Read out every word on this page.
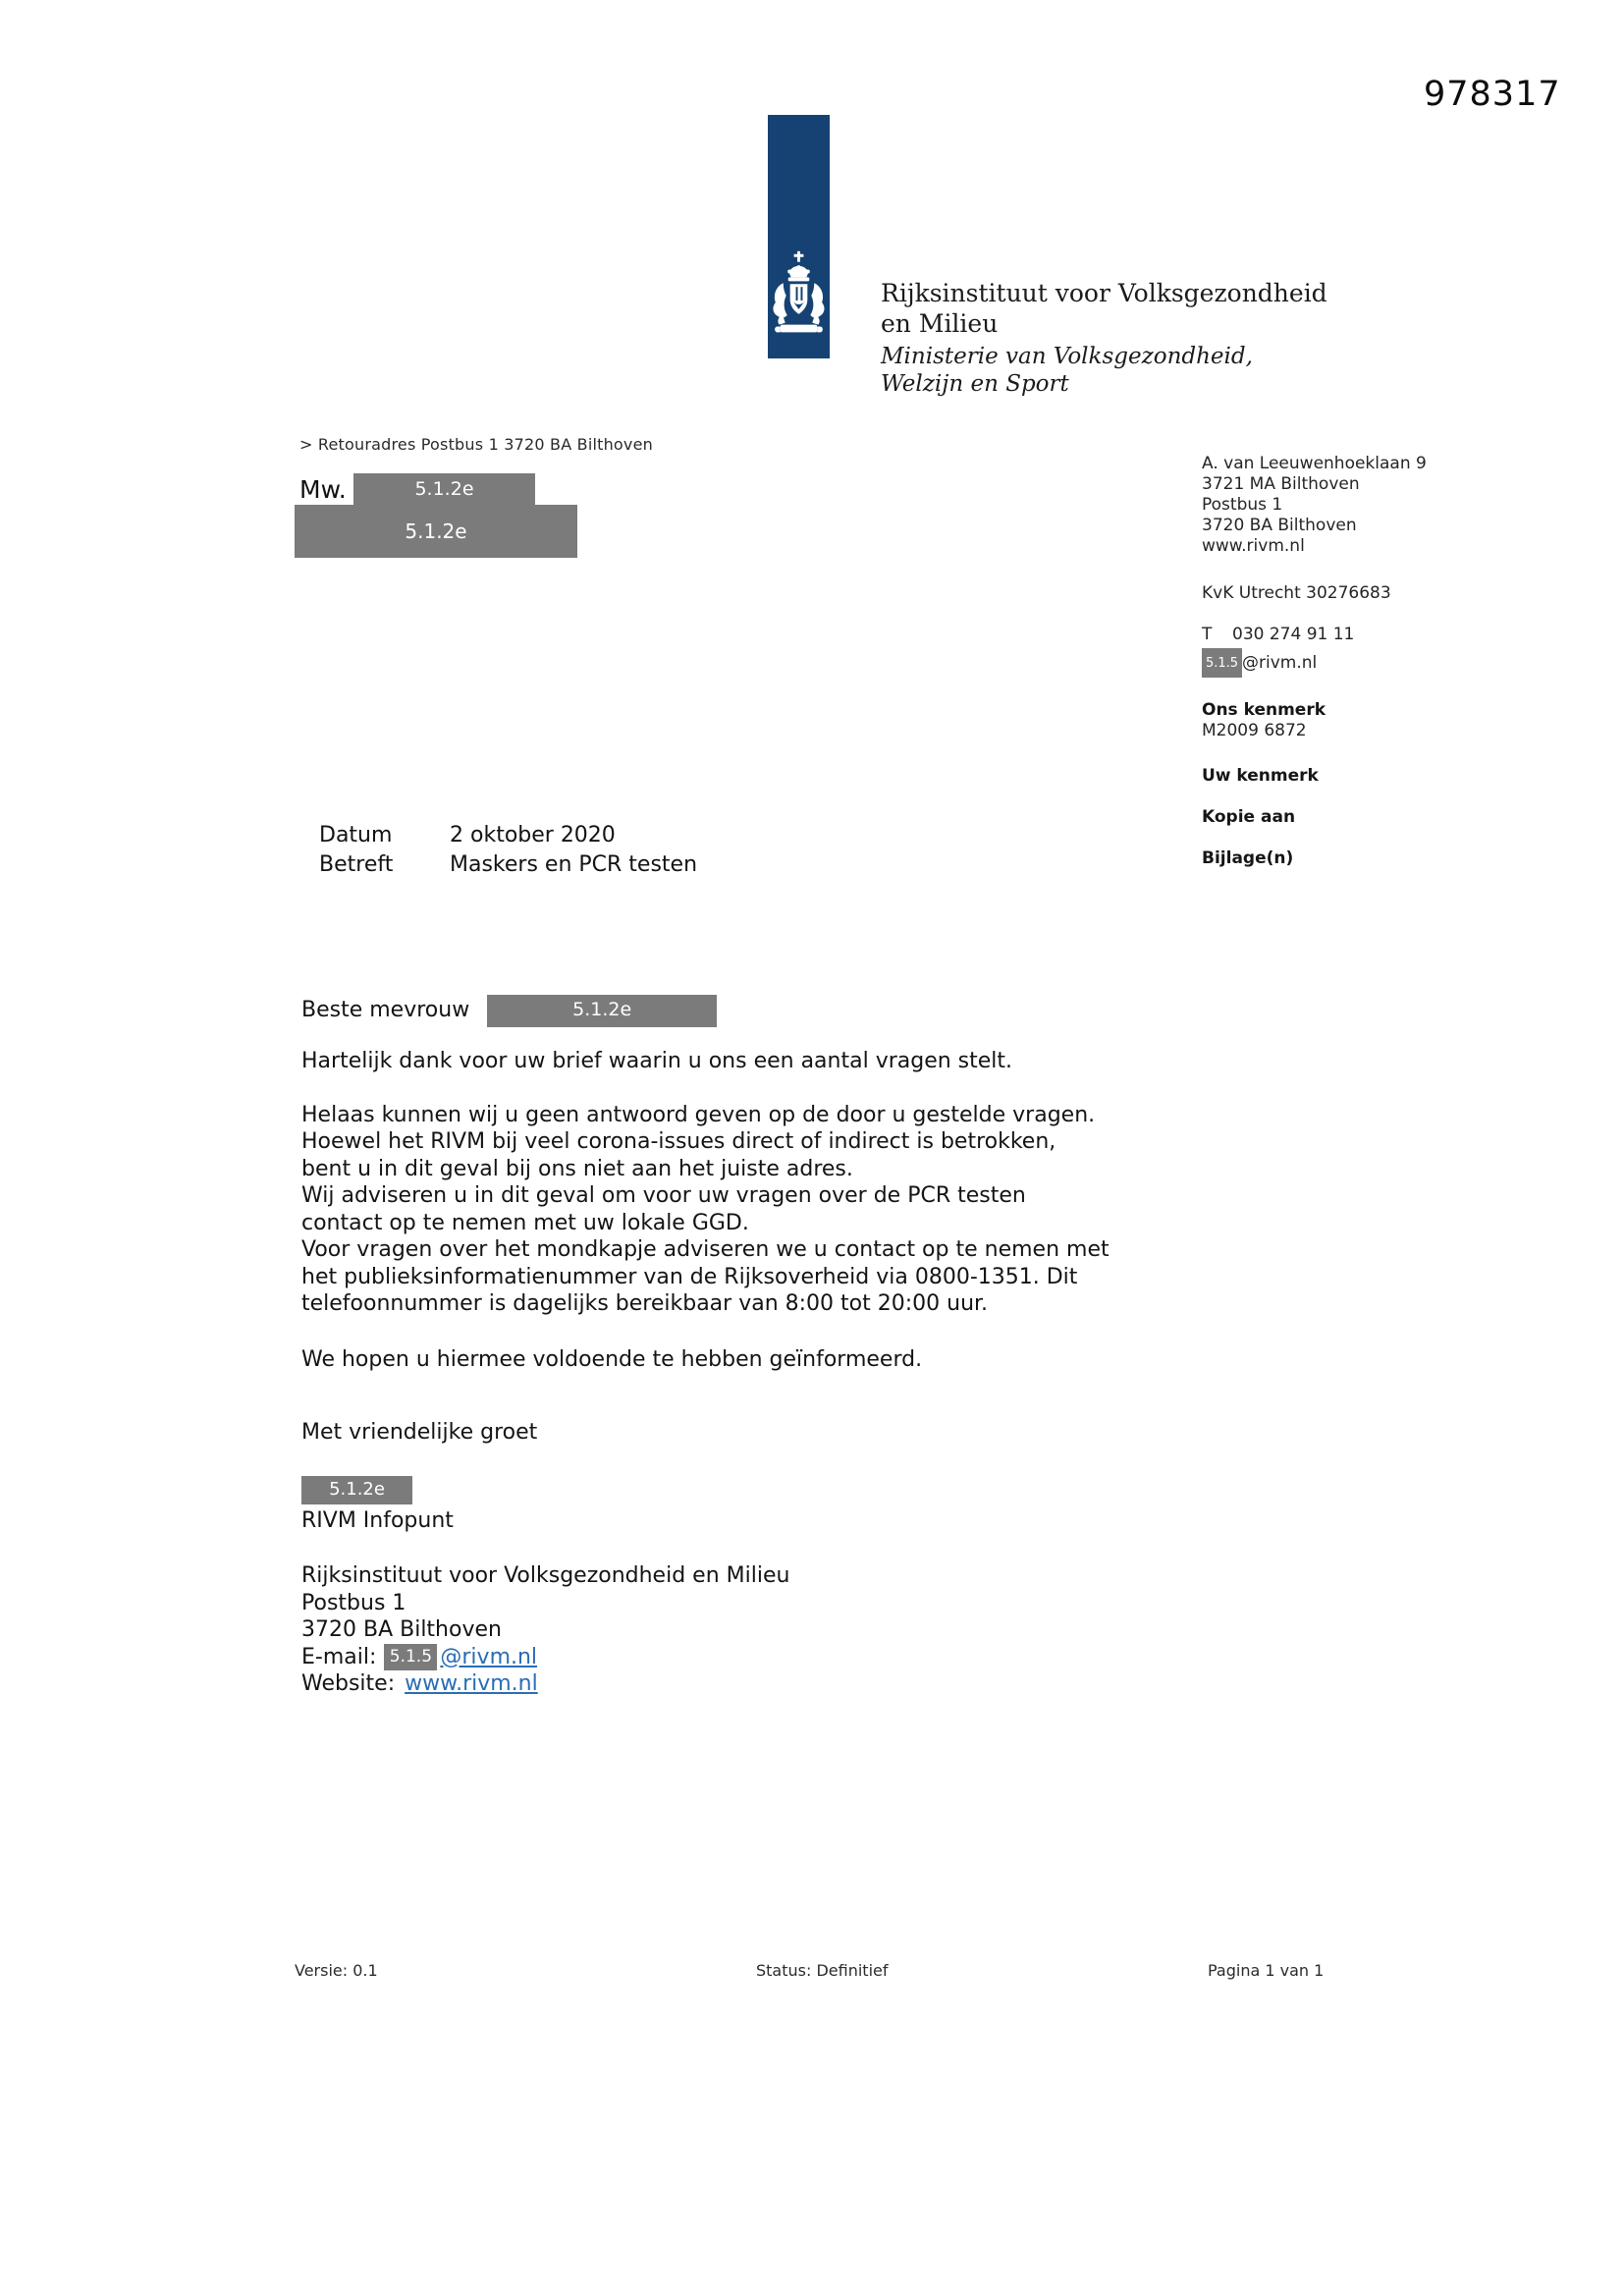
978317
Rijksinstituut voor Volksgezondheid
en Milieu
Ministerie van Volksgezondheid,
Welzijn en Sport
> Retouradres Postbus 1 3720 BA Bilthoven
Mw.	5.1.2e
5.1.2e
A. van Leeuwenhoeklaan 9
3721 MA Bilthoven
Postbus 1
3720 BA Bilthoven
www.rivm.nl
KvK Utrecht 30276683
T 030 274 91 11
5.1.5 @rivm.nl
Ons kenmerk
M2009 6872
Uw kenmerk
Kopie aan
Bijlage(n)
Datum	2 oktober 2020
Betreft	Maskers en PCR testen
Beste mevrouw	5.1.2e
Hartelijk dank voor uw brief waarin u ons een aantal vragen stelt.
Helaas kunnen wij u geen antwoord geven op de door u gestelde vragen.
Hoewel het RIVM bij veel corona-issues direct of indirect is betrokken,
bent u in dit geval bij ons niet aan het juiste adres.
Wij adviseren u in dit geval om voor uw vragen over de PCR testen
contact op te nemen met uw lokale GGD.
Voor vragen over het mondkapje adviseren we u contact op te nemen met
het publieksinformatienummer van de Rijksoverheid via 0800-1351. Dit
telefoonnummer is dagelijks bereikbaar van 8:00 tot 20:00 uur.
We hopen u hiermee voldoende te hebben geïnformeerd.
Met vriendelijke groet
5.1.2e
RIVM Infopunt
Rijksinstituut voor Volksgezondheid en Milieu
Postbus 1
3720 BA Bilthoven
E-mail: 5.1.5 @rivm.nl
Website: www.rivm.nl
Versie: 0.1	Status: Definitief	Pagina 1 van 1
